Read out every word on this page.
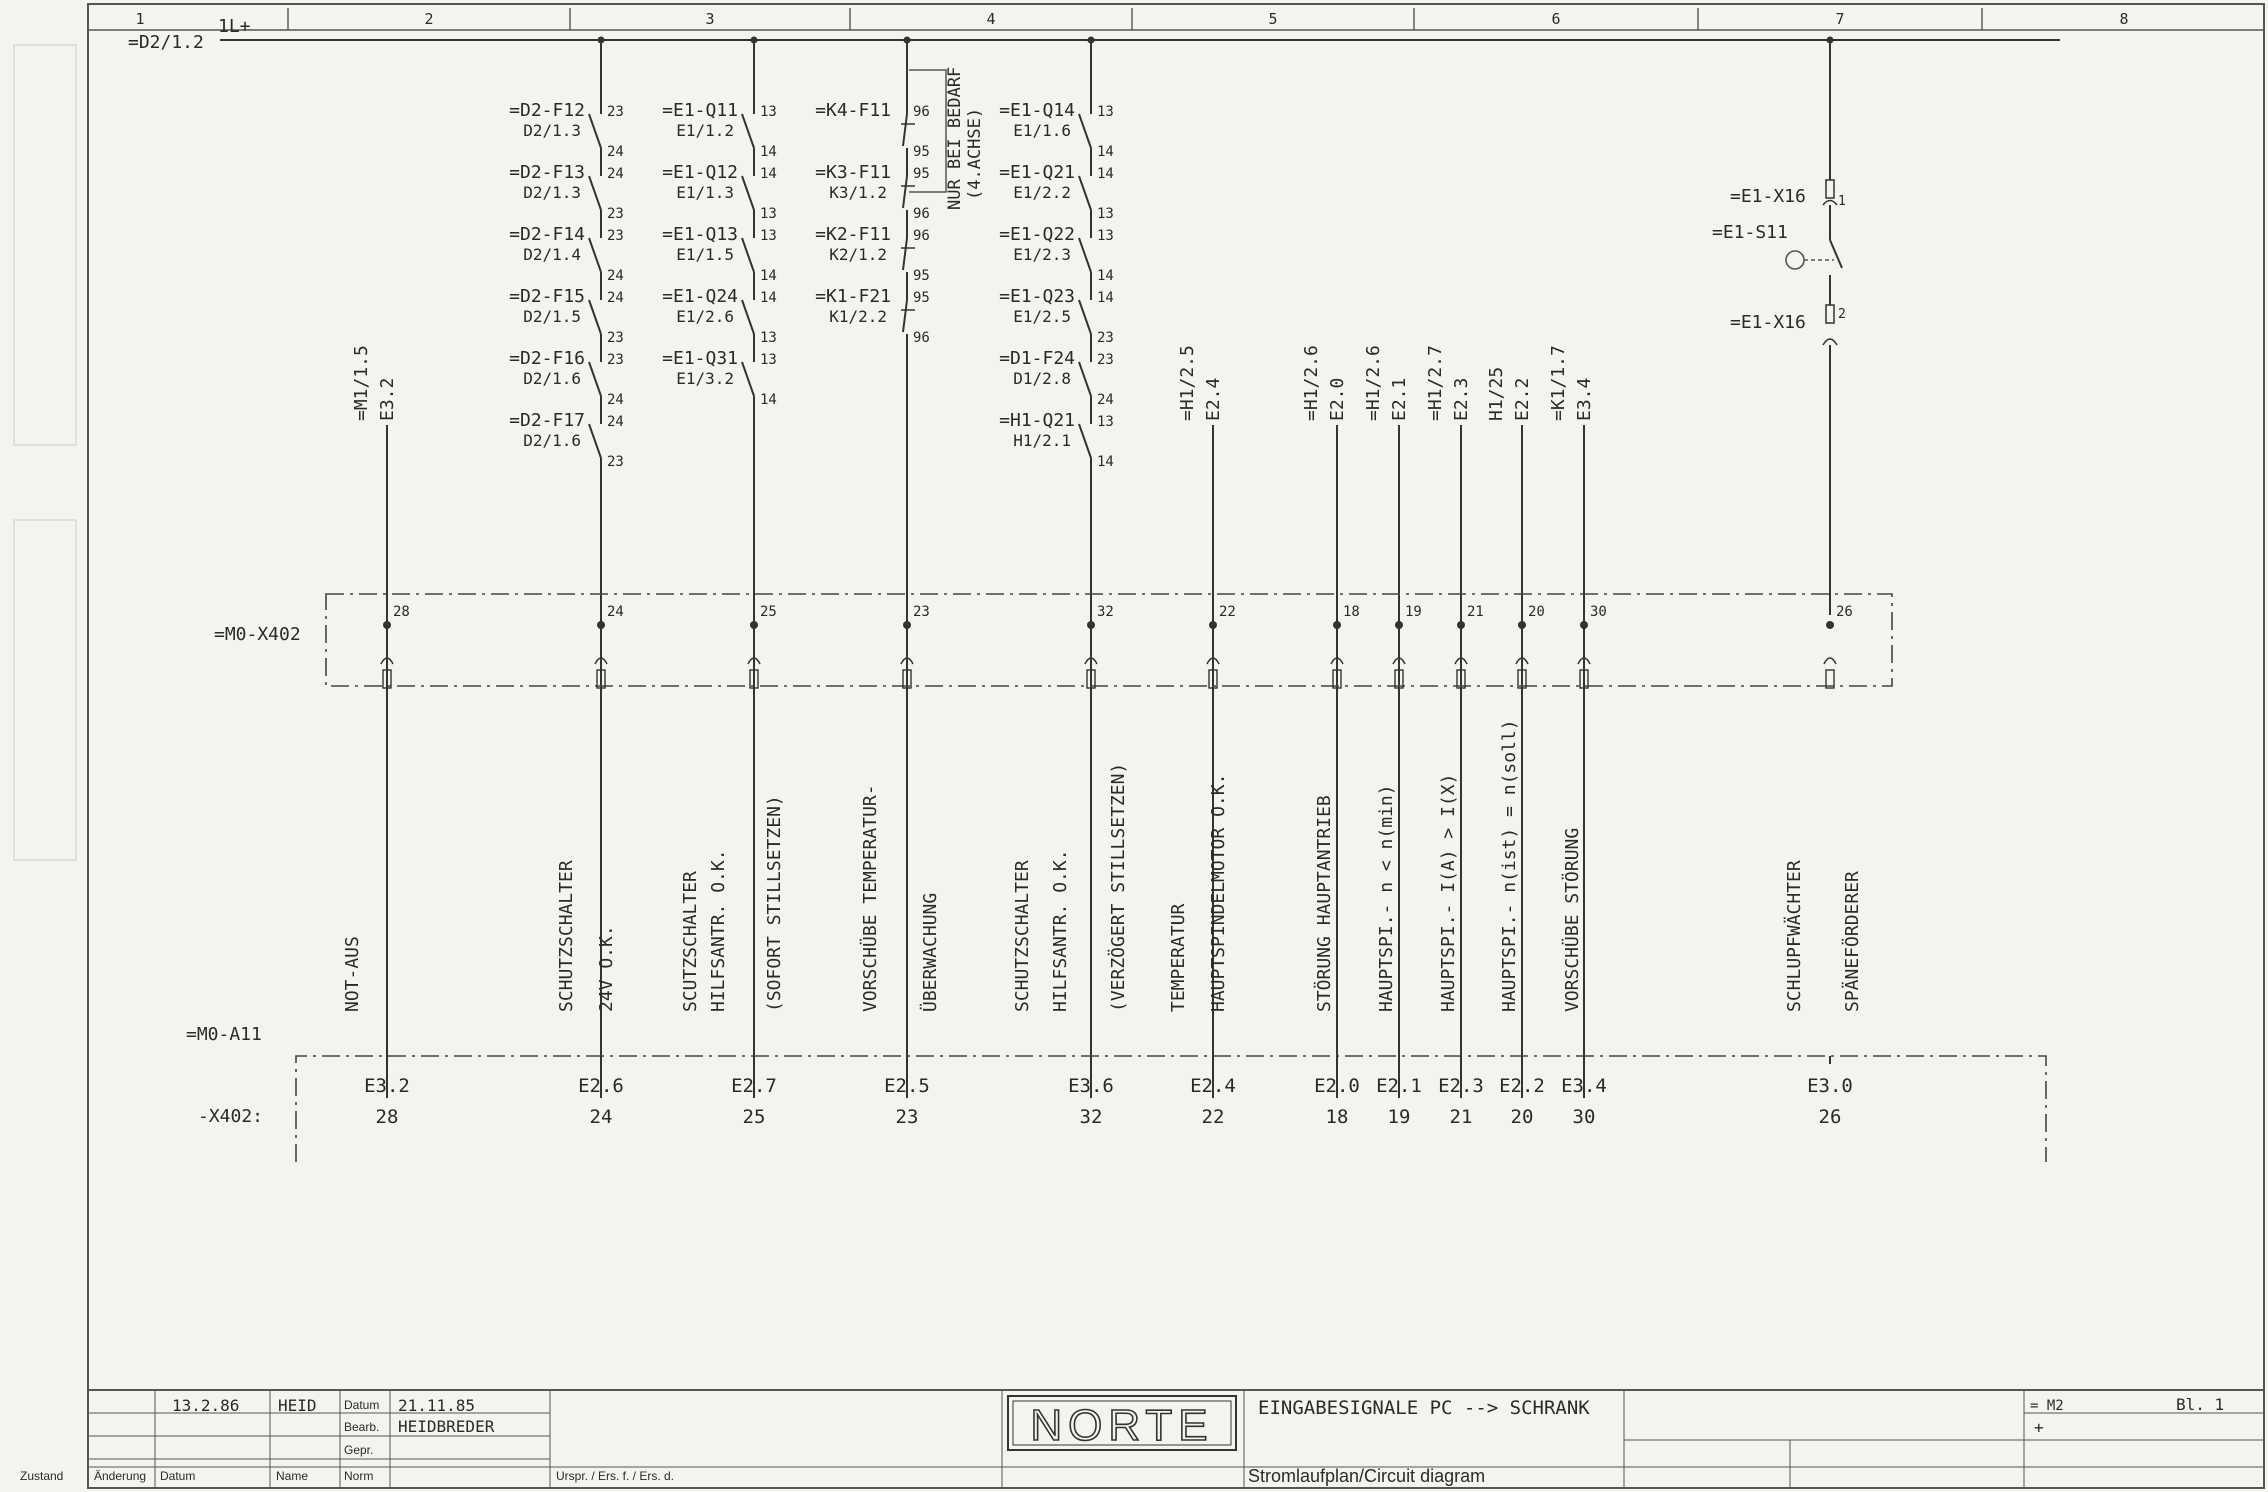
1	2	3	4	5	6	7	8
=D2/1.2
1L+
=D2-F12
D2/1.3
23
24
=D2-F13
D2/1.3
24
23
=D2-F14
D2/1.4
23
24
=D2-F15
D2/1.5
24
23
=D2-F16
D2/1.6
23
24
=D2-F17
D2/1.6
24
23
=E1-Q11
E1/1.2
13
14
=E1-Q12
E1/1.3
14
13
=E1-Q13
E1/1.5
13
14
=E1-Q24
E1/2.6
14
13
=E1-Q31
E1/3.2
13
14
=K4-F11 96
95
=K3-F11
K3/1.2
95
96
=K2-F11
K2/1.2
96
95
=K1-F21
K1/2.2
95
96
=E1-Q14
E1/1.6
13
14
=E1-Q21
E1/2.2
14
13
=E1-Q22
E1/2.3
13
14
=E1-Q23
E1/2.5
14
23
=D1-F24
D1/2.8
23
24
=H1-Q21
H1/2.1
13
14
NUR BEI BEDARF (4.ACHSE)	=E1-X16
=E1-S11
=E1-X16
1
2
=M1/1.5 E3.2	=H1/2.5 E2.4	=H1/2.6 E2.0 =H1/2.6 E2.1 =H1/2.7 E2.3 H1/25 E2.2 =K1/1.7 E3.4
=M0-X402
28	24	25	23	32	22	18	19	21	20	30	26
NOT-AUS	SCHUTZSCHALTER 24V O.K.	SCUTZSCHALTER HILFSANTR. O.K. (SOFORT STILLSETZEN)	VORSCHÜBE TEMPERATUR- ÜBERWACHUNG	SCHUTZSCHALTER HILFSANTR. O.K. (VERZÖGERT STILLSETZEN) TEMPERATUR HAUPTSPINDELMOTOR O.K.	STÖRUNG HAUPTANTRIEB HAUPTSPI.- n < n(min) HAUPTSPI.- I(A) > I(X) HAUPTSPI.- n(ist) = n(soll) VORSCHÜBE STÖRUNG	SCHLUPFWÄCHTER SPÄNEFÖRDERER
=M0-A11
-X402:
E3.2
28
E2.6
24
E2.7
25
E2.5
23
E3.6
32
E2.4
22
E2.0
18
E2.1
19
E2.3
21
E2.2
20
E3.4
30
E3.0
26
13.2.86 HEID Datum 21.11.85
Bearb. HEIDBREDER
Gepr.
Norm
Zustand	Änderung Datum	Name	Urspr. / Ers. f. / Ers. d.
NORTE EINGABESIGNALE PC --> SCHRANK
Stromlaufplan/Circuit diagram
= M2
+
Bl. 1
